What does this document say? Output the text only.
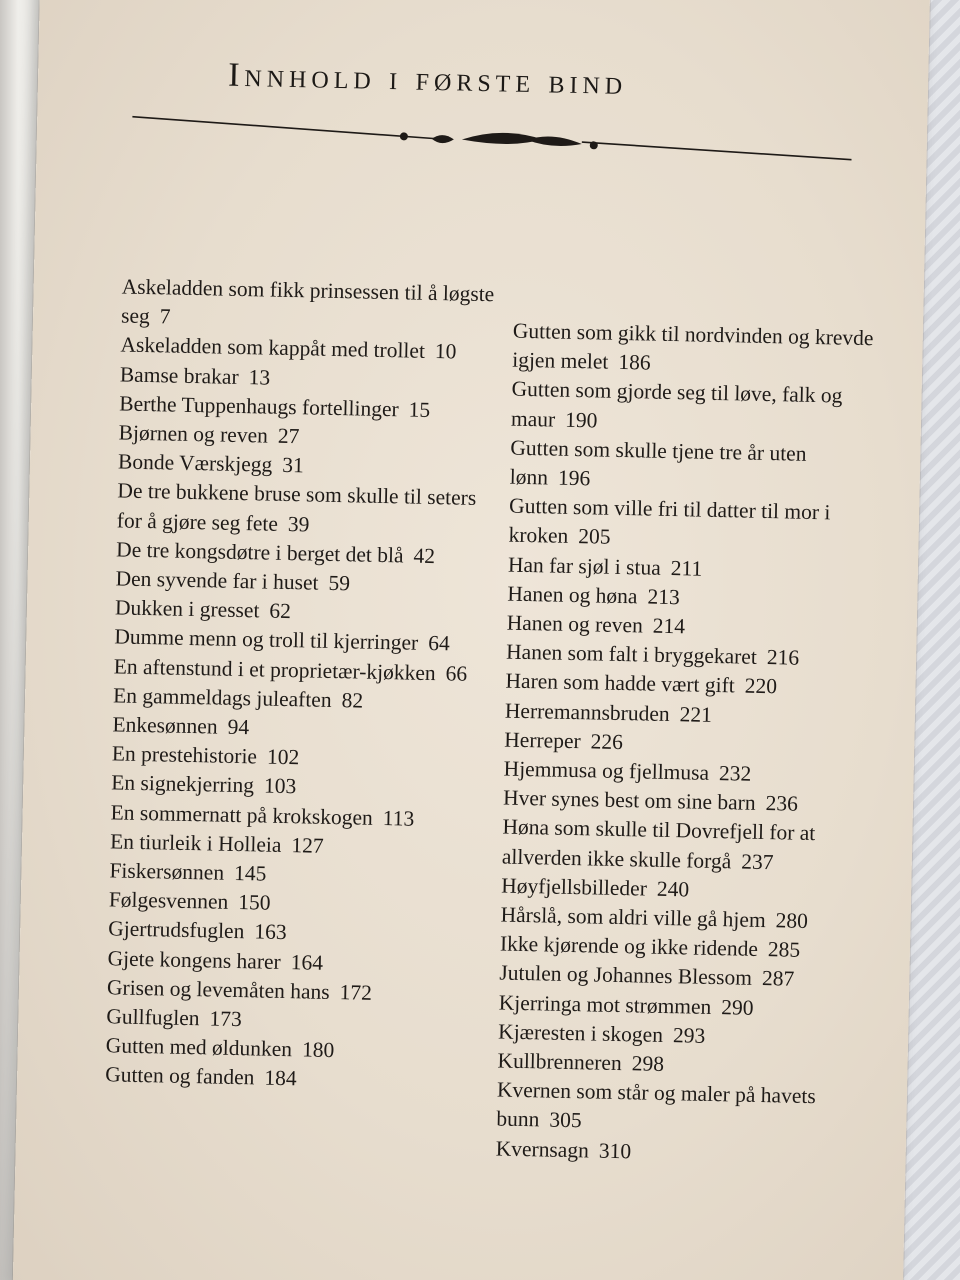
Innhold i første bind
Askeladden som fikk prinsessen til å løgste seg 7
Askeladden som kappåt med trollet 10
Bamse brakar 13
Berthe Tuppenhaugs fortellinger 15
Bjørnen og reven 27
Bonde Værskjegg 31
De tre bukkene bruse som skulle til seters for å gjøre seg fete 39
De tre kongsdøtre i berget det blå 42
Den syvende far i huset 59
Dukken i gresset 62
Dumme menn og troll til kjerringer 64
En aftenstund i et proprietær-kjøkken 66
En gammeldags juleaften 82
Enkesønnen 94
En prestehistorie 102
En signekjerring 103
En sommernatt på krokskogen 113
En tiurleik i Holleia 127
Fiskersønnen 145
Følgesvennen 150
Gjertrudsfuglen 163
Gjete kongens harer 164
Grisen og levemåten hans 172
Gullfuglen 173
Gutten med øldunken 180
Gutten og fanden 184
Gutten som gikk til nordvinden og krevde igjen melet 186
Gutten som gjorde seg til løve, falk og maur 190
Gutten som skulle tjene tre år uten lønn 196
Gutten som ville fri til datter til mor i kroken 205
Han far sjøl i stua 211
Hanen og høna 213
Hanen og reven 214
Hanen som falt i bryggekaret 216
Haren som hadde vært gift 220
Herremannsbruden 221
Herreper 226
Hjemmusa og fjellmusa 232
Hver synes best om sine barn 236
Høna som skulle til Dovrefjell for at allverden ikke skulle forgå 237
Høyfjellsbilleder 240
Hårslå, som aldri ville gå hjem 280
Ikke kjørende og ikke ridende 285
Jutulen og Johannes Blessom 287
Kjerringa mot strømmen 290
Kjæresten i skogen 293
Kullbrenneren 298
Kvernen som står og maler på havets bunn 305
Kvernsagn 310
